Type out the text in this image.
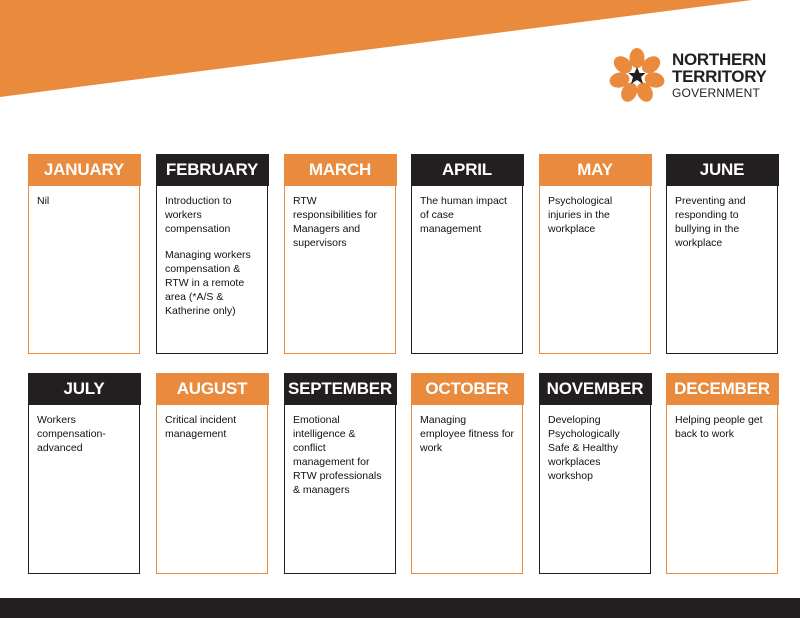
NORTHERN
TERRITORY
GOVERNMENT
JANUARY

Nil

FEBRUARY

Introduction to workers compensation

Managing workers compensation & RTW in a remote area (*A/S & Katherine only)

MARCH

RTW responsibilities for Managers and supervisors

APRIL

The human impact of case management

MAY

Psychological injuries in the workplace

JUNE

Preventing and responding to bullying in the workplace

JULY

Workers compensation-advanced

AUGUST

Critical incident management

SEPTEMBER

Emotional intelligence & conflict management for RTW professionals & managers

OCTOBER

Managing employee fitness for work

NOVEMBER

Developing Psychologically Safe & Healthy workplaces workshop

DECEMBER

Helping people get back to work
